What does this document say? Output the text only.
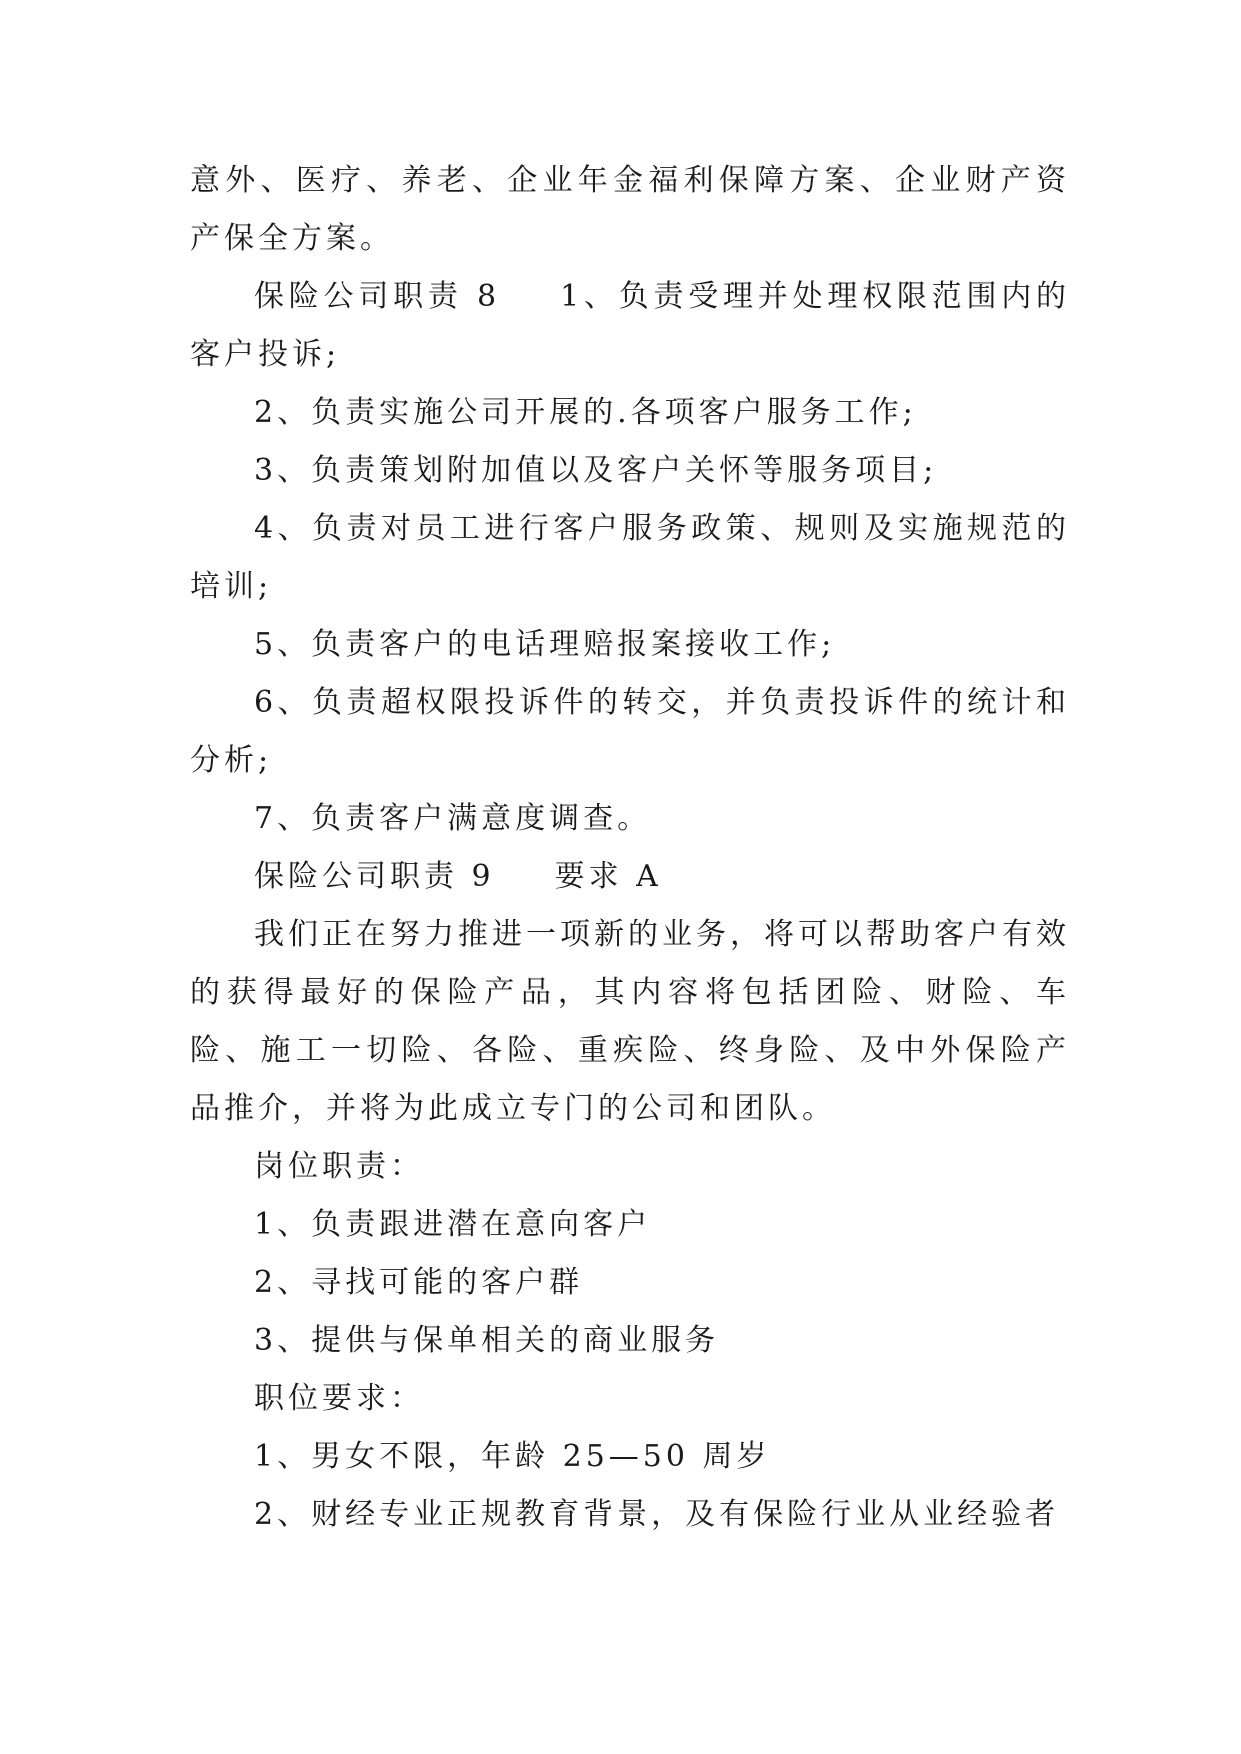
意外、医疗、养老、企业年金福利保障方案、企业财产资产保全方案。

保险公司职责 8 1、负责受理并处理权限范围内的客户投诉;

2、负责实施公司开展的.各项客户服务工作;

3、负责策划附加值以及客户关怀等服务项目;

4、负责对员工进行客户服务政策、规则及实施规范的培训;

5、负责客户的电话理赔报案接收工作;

6、负责超权限投诉件的转交，并负责投诉件的统计和分析;

7、负责客户满意度调查。

保险公司职责 9 要求 A

我们正在努力推进一项新的业务，将可以帮助客户有效的获得最好的保险产品，其内容将包括团险、财险、车险、施工一切险、各险、重疾险、终身险、及中外保险产品推介，并将为此成立专门的公司和团队。

岗位职责：

1、负责跟进潜在意向客户

2、寻找可能的客户群

3、提供与保单相关的商业服务

职位要求：

1、男女不限，年龄 25—50 周岁

2、财经专业正规教育背景，及有保险行业从业经验者
